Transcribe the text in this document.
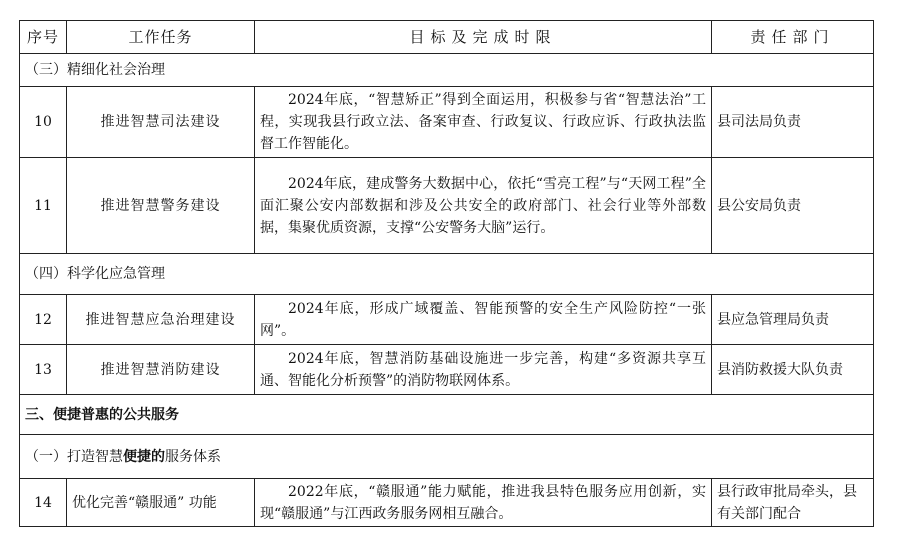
序号	工作任务	目标及完成时限	责任部门
（三）精细化社会治理			
10	推进智慧司法建设	2024年底，“智慧矫正”得到全面运用，积极参与省“智慧法治”工程，实现我县行政立法、备案审查、行政复议、行政应诉、行政执法监督工作智能化。	县司法局负责
11	推进智慧警务建设	2024年底，建成警务大数据中心，依托“雪亮工程”与“天网工程”全面汇聚公安内部数据和涉及公共安全的政府部门、社会行业等外部数据，集聚优质资源，支撑“公安警务大脑”运行。	县公安局负责
（四）科学化应急管理			
12	推进智慧应急治理建设	2024年底，形成广域覆盖、智能预警的安全生产风险防控“一张网”。	县应急管理局负责
13	推进智慧消防建设	2024年底，智慧消防基础设施进一步完善，构建“多资源共享互通、智能化分析预警”的消防物联网体系。	县消防救援大队负责
三、便捷普惠的公共服务			
（一）打造智慧便捷的服务体系			
14	优化完善“赣服通” 功能	2022年底，“赣服通”能力赋能，推进我县特色服务应用创新，实现“赣服通”与江西政务服务网相互融合。	县行政审批局牵头，县有关部门配合
